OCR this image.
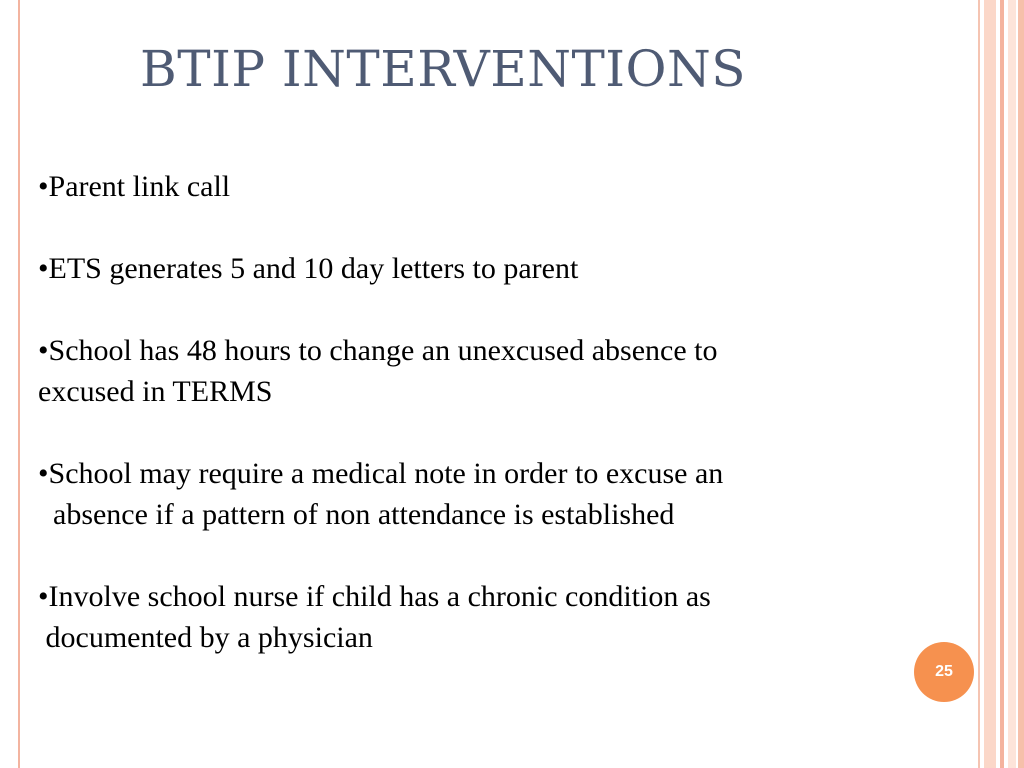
BTIP INTERVENTIONS
•Parent link call
•ETS generates 5 and 10 day letters to parent
•School has 48 hours to change an unexcused absence to
excused in TERMS
•School may require a medical note in order to excuse an
absence if a pattern of non attendance is established
•Involve school nurse if child has a chronic condition as
documented by a physician
25
